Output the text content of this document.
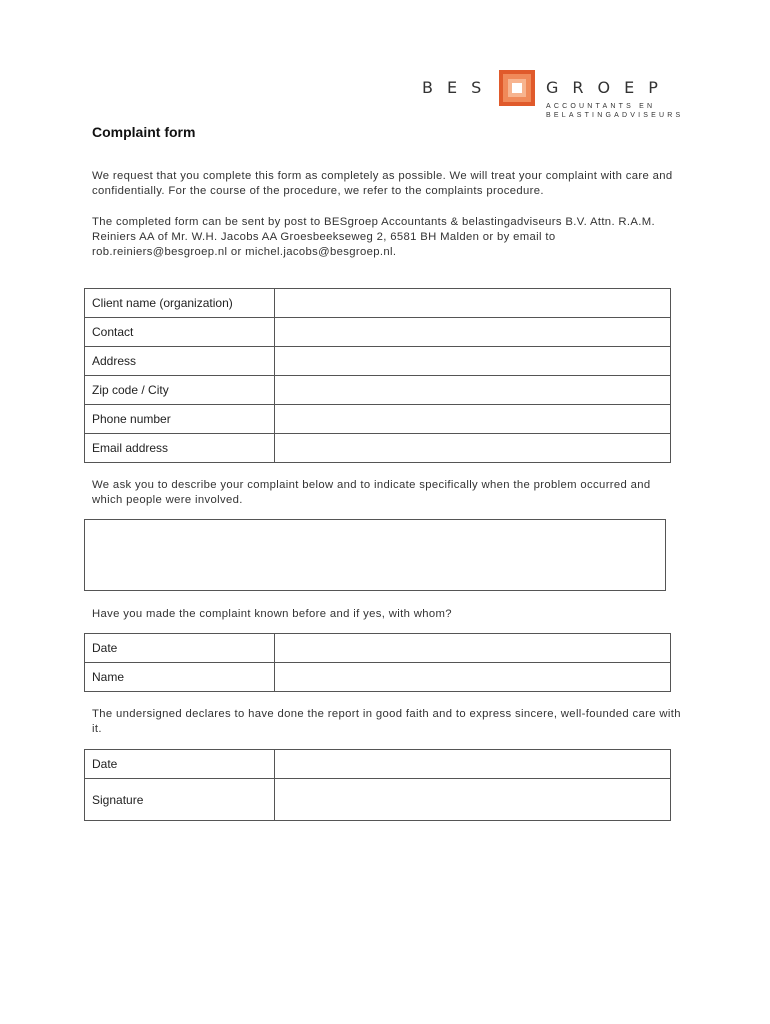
BES	GROEP
ACCOUNTANTS EN
BELASTINGADVISEURS
Complaint form
We request that you complete this form as completely as possible. We will treat your complaint with care and confidentially. For the course of the procedure, we refer to the complaints procedure.
The completed form can be sent by post to BESgroep Accountants & belastingadviseurs B.V. Attn. R.A.M. Reiniers AA of Mr. W.H. Jacobs AA Groesbeekseweg 2, 6581 BH Malden or by email to rob.reiniers@besgroep.nl or michel.jacobs@besgroep.nl.
Client name (organization)	
Contact	
Address	
Zip code / City	
Phone number	
Email address	
We ask you to describe your complaint below and to indicate specifically when the problem occurred and which people were involved.
Have you made the complaint known before and if yes, with whom?
Date	
Name	
The undersigned declares to have done the report in good faith and to express sincere, well-founded care with it.
Date	
Signature	
